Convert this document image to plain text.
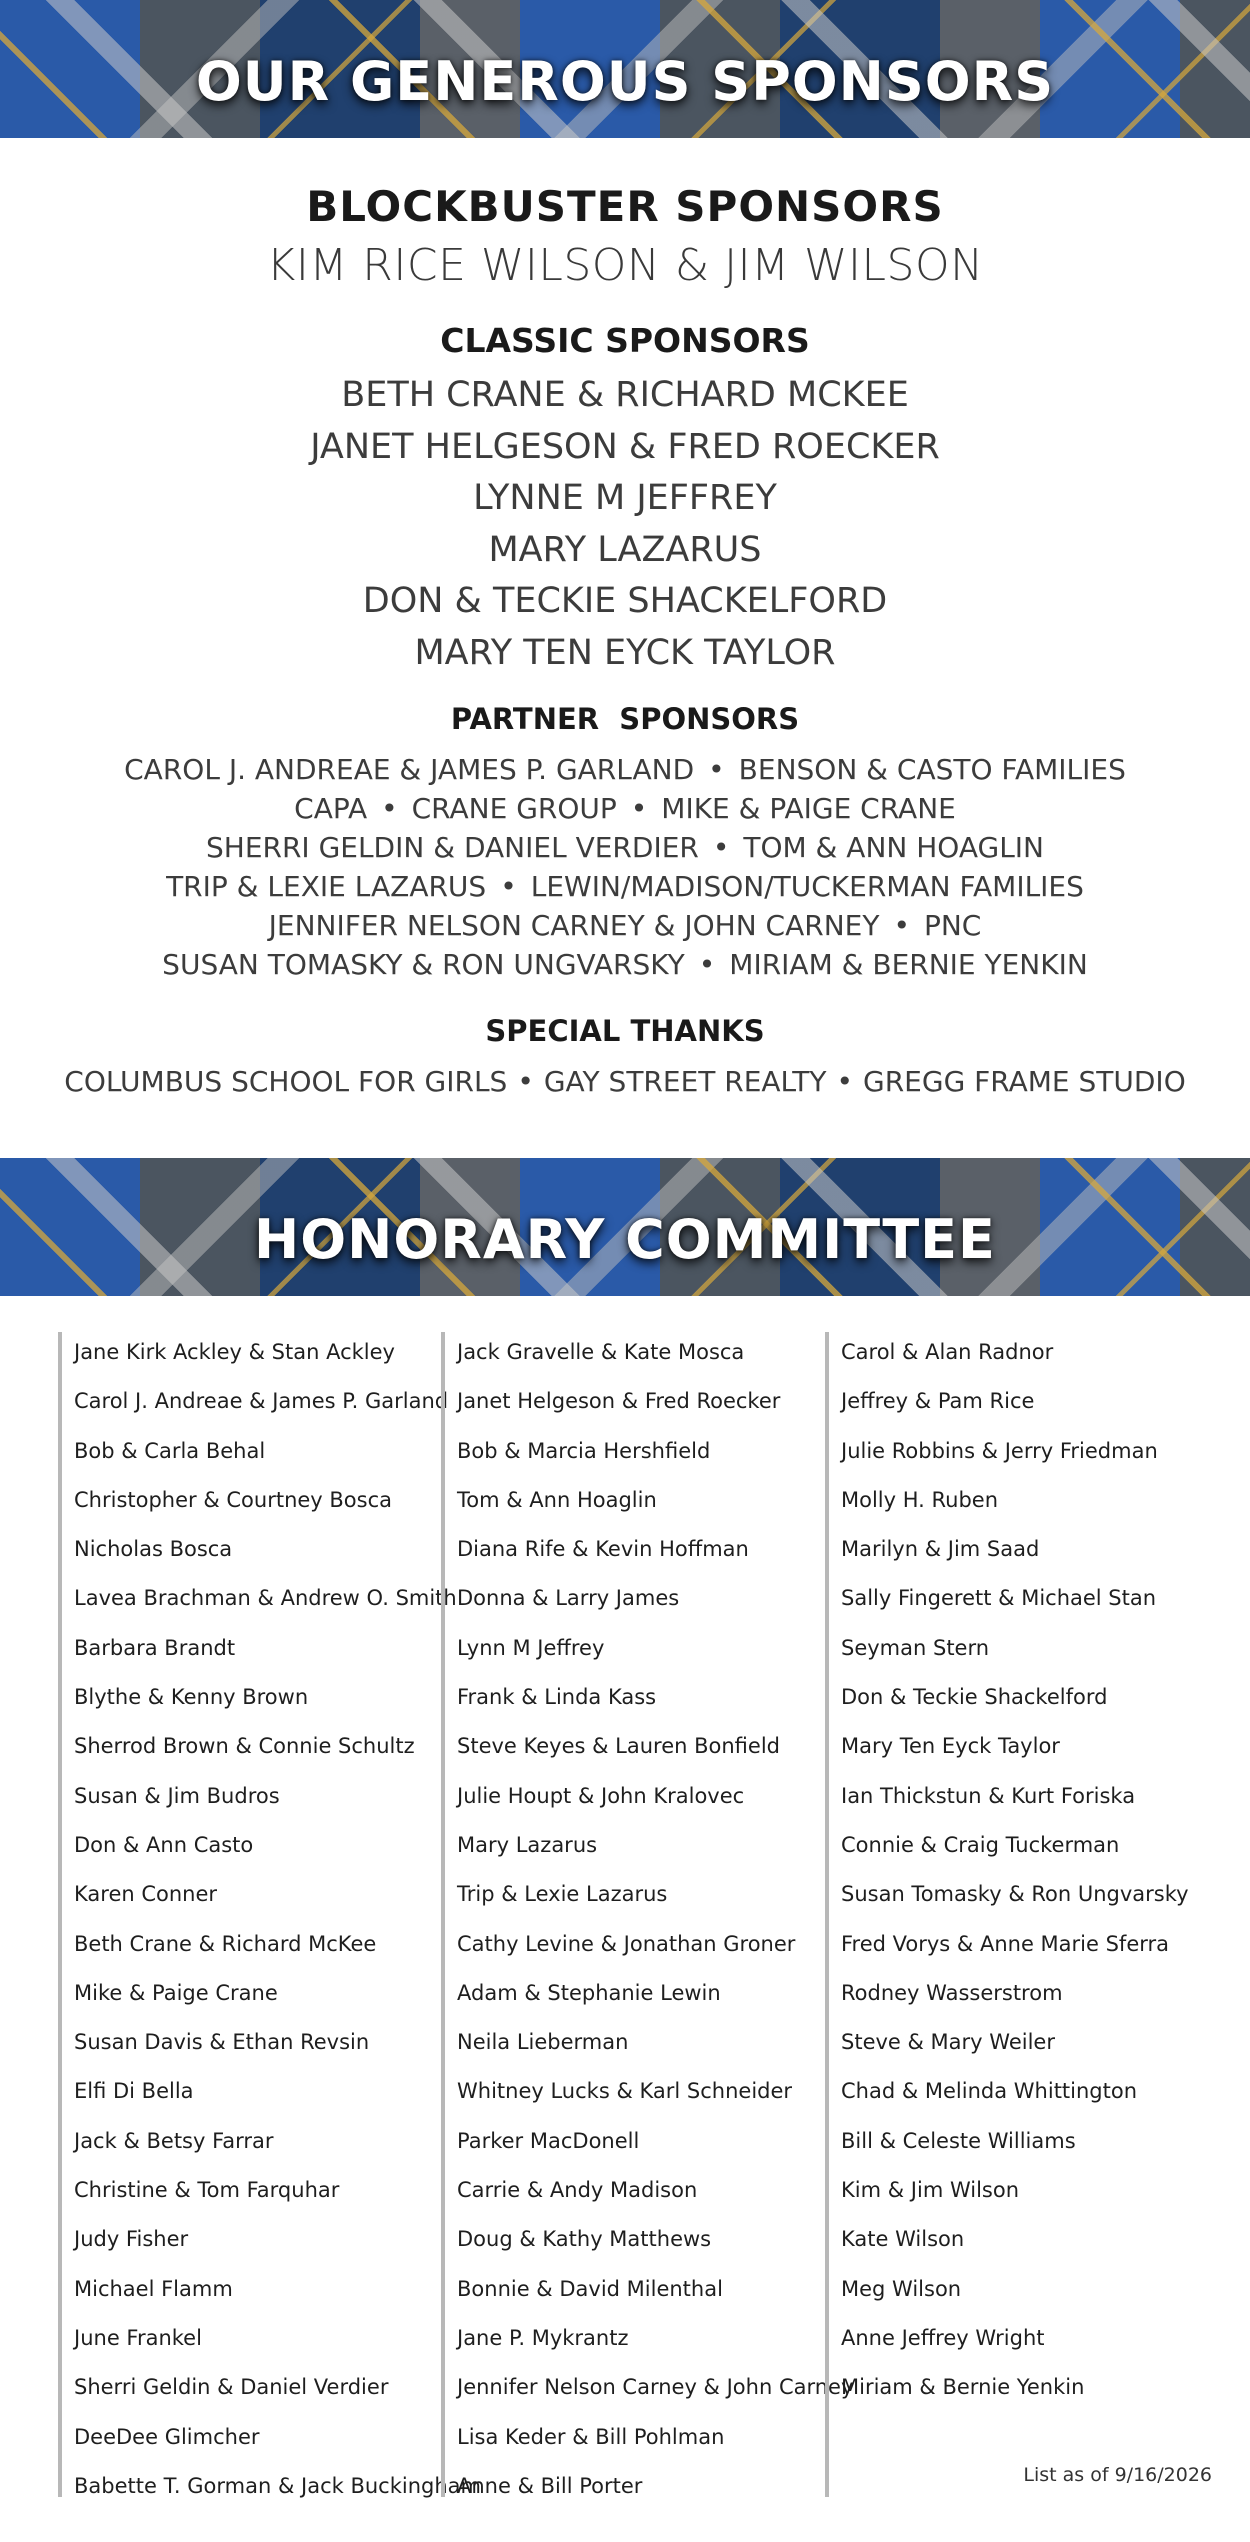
OUR GENEROUS SPONSORS
BLOCKBUSTER SPONSORS
KIM RICE WILSON & JIM WILSON
CLASSIC SPONSORS
BETH CRANE & RICHARD MCKEE
JANET HELGESON & FRED ROECKER
LYNNE M JEFFREY
MARY LAZARUS
DON & TECKIE SHACKELFORD
MARY TEN EYCK TAYLOR
PARTNER  SPONSORS
CAROL J. ANDREAE & JAMES P. GARLAND • BENSON & CASTO FAMILIES
CAPA • CRANE GROUP • MIKE & PAIGE CRANE
SHERRI GELDIN & DANIEL VERDIER • TOM & ANN HOAGLIN
TRIP & LEXIE LAZARUS • LEWIN/MADISON/TUCKERMAN FAMILIES
JENNIFER NELSON CARNEY & JOHN CARNEY • PNC
SUSAN TOMASKY & RON UNGVARSKY • MIRIAM & BERNIE YENKIN
SPECIAL THANKS
COLUMBUS SCHOOL FOR GIRLS • GAY STREET REALTY • GREGG FRAME STUDIO
HONORARY COMMITTEE
Jane Kirk Ackley & Stan Ackley
Carol J. Andreae & James P. Garland
Bob & Carla Behal
Christopher & Courtney Bosca
Nicholas Bosca
Lavea Brachman & Andrew O. Smith
Barbara Brandt
Blythe & Kenny Brown
Sherrod Brown & Connie Schultz
Susan & Jim Budros
Don & Ann Casto
Karen Conner
Beth Crane & Richard McKee
Mike & Paige Crane
Susan Davis & Ethan Revsin
Elfi Di Bella
Jack & Betsy Farrar
Christine & Tom Farquhar
Judy Fisher
Michael Flamm
June Frankel
Sherri Geldin & Daniel Verdier
DeeDee Glimcher
Babette T. Gorman & Jack Buckingham
Jack Gravelle & Kate Mosca
Janet Helgeson & Fred Roecker
Bob & Marcia Hershfield
Tom & Ann Hoaglin
Diana Rife & Kevin Hoffman
Donna & Larry James
Lynn M Jeffrey
Frank & Linda Kass
Steve Keyes & Lauren Bonfield
Julie Houpt & John Kralovec
Mary Lazarus
Trip & Lexie Lazarus
Cathy Levine & Jonathan Groner
Adam & Stephanie Lewin
Neila Lieberman
Whitney Lucks & Karl Schneider
Parker MacDonell
Carrie & Andy Madison
Doug & Kathy Matthews
Bonnie & David Milenthal
Jane P. Mykrantz
Jennifer Nelson Carney & John Carney
Lisa Keder & Bill Pohlman
Anne & Bill Porter
Carol & Alan Radnor
Jeffrey & Pam Rice
Julie Robbins & Jerry Friedman
Molly H. Ruben
Marilyn & Jim Saad
Sally Fingerett & Michael Stan
Seyman Stern
Don & Teckie Shackelford
Mary Ten Eyck Taylor
Ian Thickstun & Kurt Foriska
Connie & Craig Tuckerman
Susan Tomasky & Ron Ungvarsky
Fred Vorys & Anne Marie Sferra
Rodney Wasserstrom
Steve & Mary Weiler
Chad & Melinda Whittington
Bill & Celeste Williams
Kim & Jim Wilson
Kate Wilson
Meg Wilson
Anne Jeffrey Wright
Miriam & Bernie Yenkin
List as of 9/16/2026
